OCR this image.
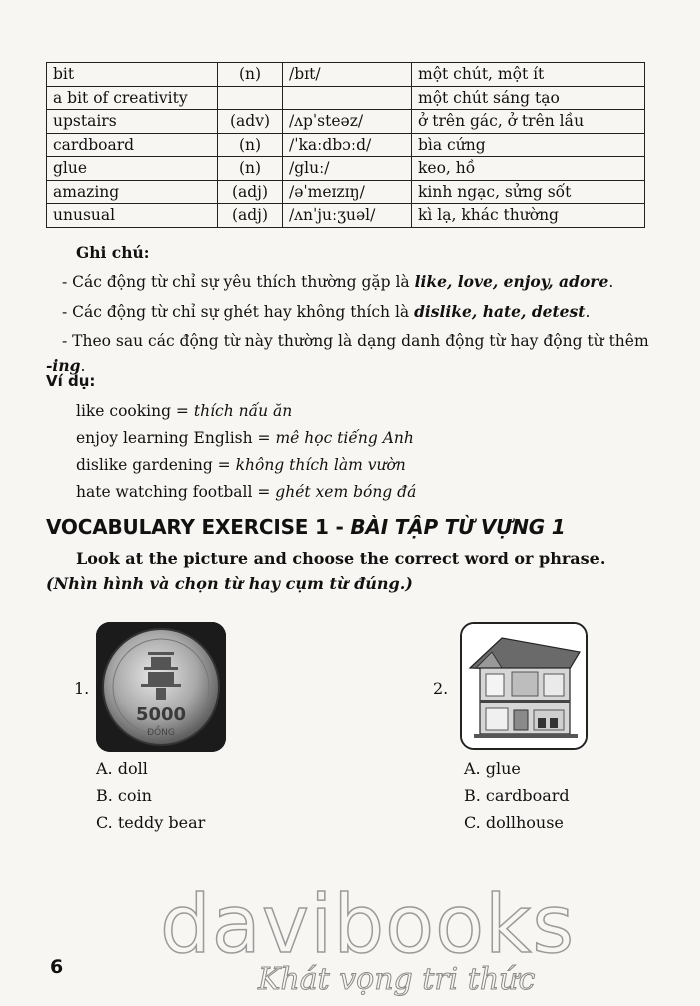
bit	(n)	/bɪt/	một chút, một ít
a bit of creativity			một chút sáng tạo
upstairs	(adv)	/ʌpˈsteəz/	ở trên gác, ở trên lầu
cardboard	(n)	/ˈkaːdbɔːd/	bìa cứng
glue	(n)	/gluː/	keo, hồ
amazing	(adj)	/əˈmeɪzɪŋ/	kinh ngạc, sửng sốt
unusual	(adj)	/ʌnˈjuːʒuəl/	kì lạ, khác thường
Ghi chú:
- Các động từ chỉ sự yêu thích thường gặp là like, love, enjoy, adore.
- Các động từ chỉ sự ghét hay không thích là dislike, hate, detest.
- Theo sau các động từ này thường là dạng danh động từ hay động từ thêm
-ing.
Ví dụ:
like cooking = thích nấu ăn
enjoy learning English = mê học tiếng Anh
dislike gardening = không thích làm vườn
hate watching football = ghét xem bóng đá
VOCABULARY EXERCISE 1 - BÀI TẬP TỪ VỰNG 1
Look at the picture and choose the correct word or phrase. (Nhìn hình và chọn từ hay cụm từ đúng.)
1.
5000
ĐỒNG
A. doll
B. coin
C. teddy bear
2.
A. glue
B. cardboard
C. dollhouse
davibooks
Khát vọng tri thức
6
